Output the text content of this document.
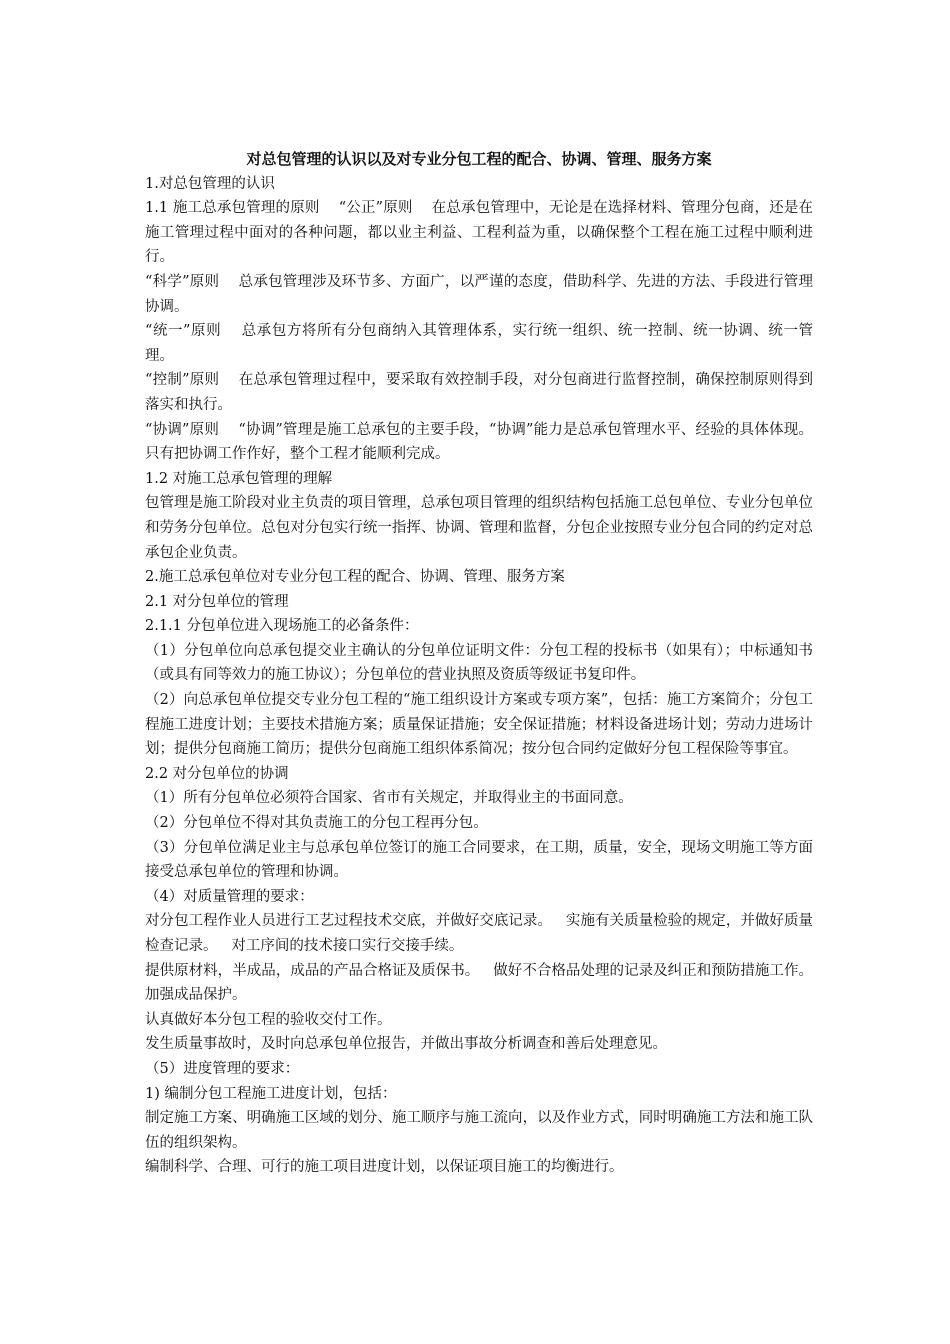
对总包管理的认识以及对专业分包工程的配合、协调、管理、服务方案

1.对总包管理的认识

1.1 施工总承包管理的原则    “公正”原则    在总承包管理中，无论是在选择材料、管理分包商，还是在施工管理过程中面对的各种问题，都以业主利益、工程利益为重，以确保整个工程在施工过程中顺利进行。

“科学”原则    总承包管理涉及环节多、方面广，以严谨的态度，借助科学、先进的方法、手段进行管理协调。

“统一”原则    总承包方将所有分包商纳入其管理体系，实行统一组织、统一控制、统一协调、统一管理。

“控制”原则    在总承包管理过程中，要采取有效控制手段，对分包商进行监督控制，确保控制原则得到落实和执行。

“协调”原则    “协调”管理是施工总承包的主要手段，“协调”能力是总承包管理水平、经验的具体体现。只有把协调工作作好，整个工程才能顺利完成。

1.2 对施工总承包管理的理解

包管理是施工阶段对业主负责的项目管理，总承包项目管理的组织结构包括施工总包单位、专业分包单位和劳务分包单位。总包对分包实行统一指挥、协调、管理和监督，分包企业按照专业分包合同的约定对总承包企业负责。

2.施工总承包单位对专业分包工程的配合、协调、管理、服务方案

2.1 对分包单位的管理

2.1.1 分包单位进入现场施工的必备条件：

（1）分包单位向总承包提交业主确认的分包单位证明文件：分包工程的投标书（如果有）；中标通知书（或具有同等效力的施工协议）；分包单位的营业执照及资质等级证书复印件。

（2）向总承包单位提交专业分包工程的“施工组织设计方案或专项方案”，包括：施工方案简介；分包工程施工进度计划；主要技术措施方案；质量保证措施；安全保证措施；材料设备进场计划；劳动力进场计划；提供分包商施工简历；提供分包商施工组织体系简况；按分包合同约定做好分包工程保险等事宜。

2.2 对分包单位的协调

（1）所有分包单位必须符合国家、省市有关规定，并取得业主的书面同意。

（2）分包单位不得对其负责施工的分包工程再分包。

（3）分包单位满足业主与总承包单位签订的施工合同要求，在工期，质量，安全，现场文明施工等方面接受总承包单位的管理和协调。

（4）对质量管理的要求：

对分包工程作业人员进行工艺过程技术交底，并做好交底记录。   实施有关质量检验的规定，并做好质量检查记录。   对工序间的技术接口实行交接手续。

提供原材料，半成品，成品的产品合格证及质保书。   做好不合格品处理的记录及纠正和预防措施工作。   加强成品保护。

认真做好本分包工程的验收交付工作。

发生质量事故时，及时向总承包单位报告，并做出事故分析调查和善后处理意见。

（5）进度管理的要求：

1) 编制分包工程施工进度计划，包括：

制定施工方案、明确施工区域的划分、施工顺序与施工流向，以及作业方式，同时明确施工方法和施工队伍的组织架构。

编制科学、合理、可行的施工项目进度计划，以保证项目施工的均衡进行。
